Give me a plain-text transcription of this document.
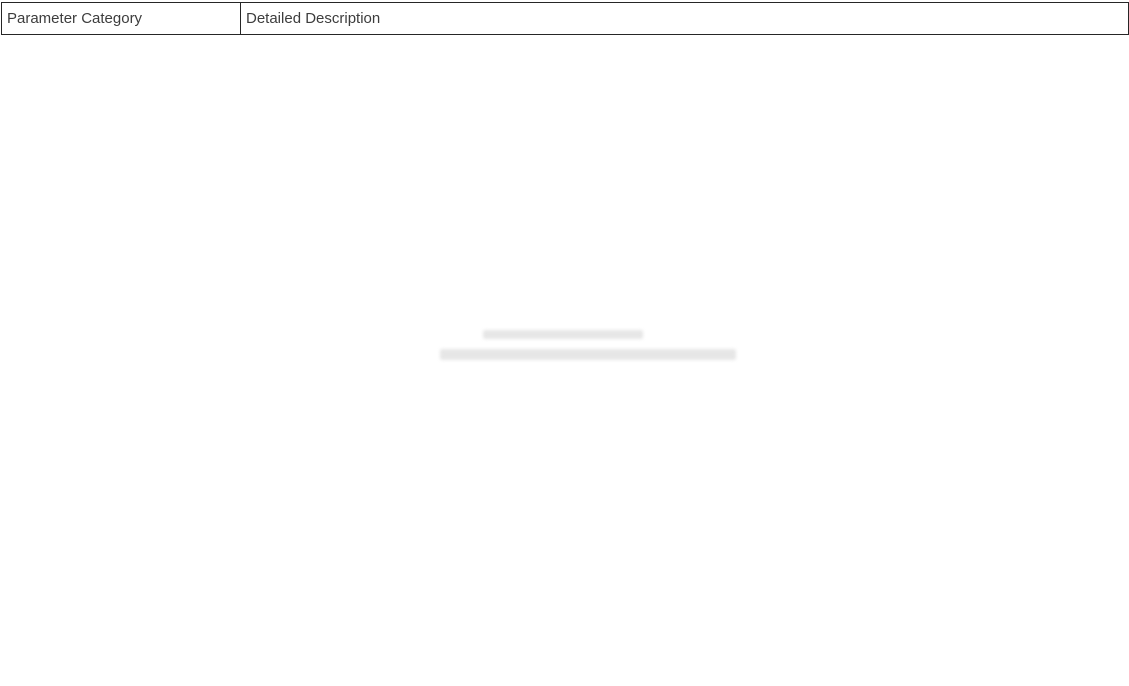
Parameter Category	Detailed Description
